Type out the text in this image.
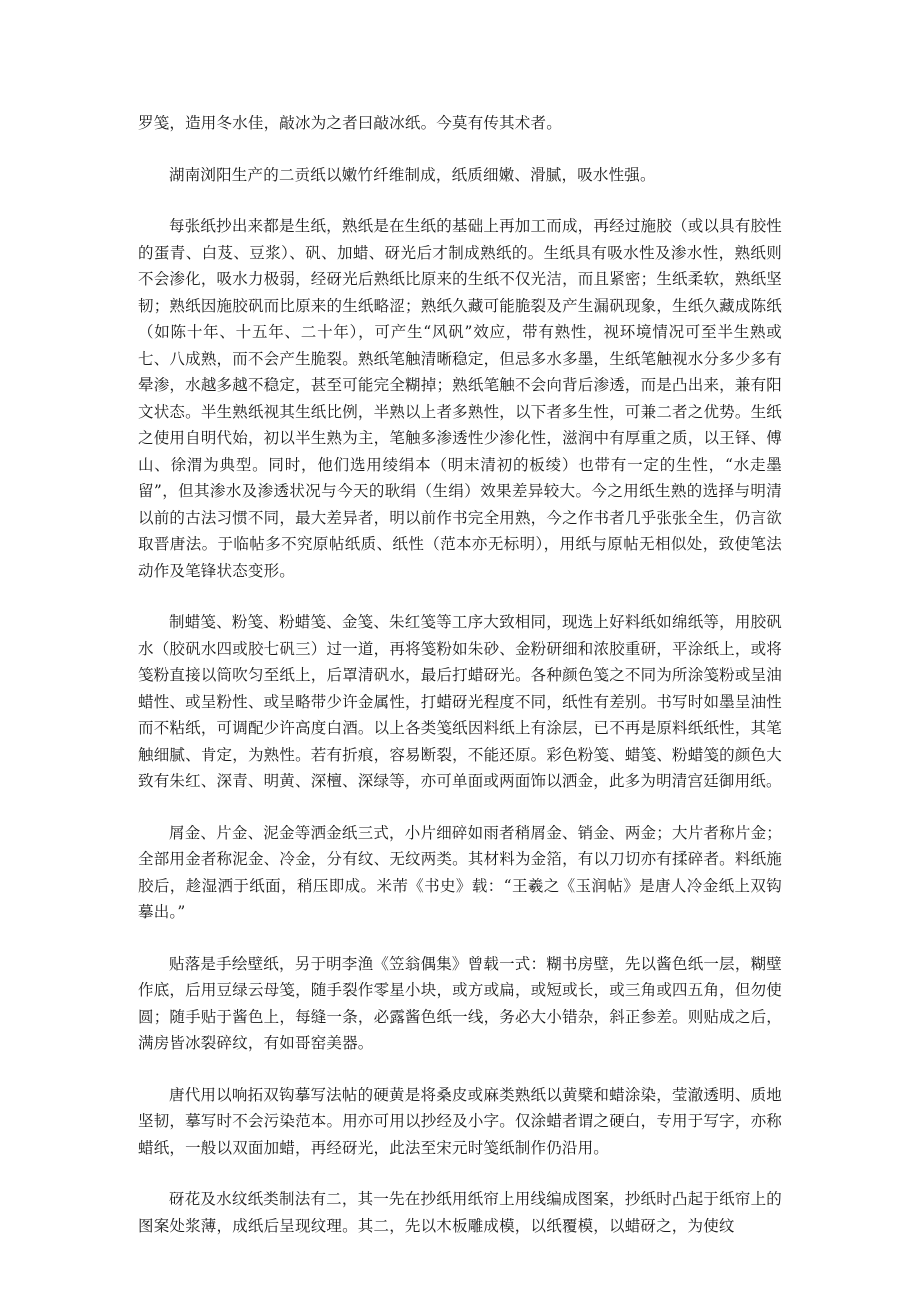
罗笺，造用冬水佳，敲冰为之者曰敲冰纸。今莫有传其术者。

湖南浏阳生产的二贡纸以嫩竹纤维制成，纸质细嫩、滑腻，吸水性强。

每张纸抄出来都是生纸，熟纸是在生纸的基础上再加工而成，再经过施胶（或以具有胶性的蛋青、白芨、豆浆）、矾、加蜡、砑光后才制成熟纸的。生纸具有吸水性及渗水性，熟纸则不会渗化，吸水力极弱，经砑光后熟纸比原来的生纸不仅光洁，而且紧密；生纸柔软，熟纸坚韧；熟纸因施胶矾而比原来的生纸略涩；熟纸久藏可能脆裂及产生漏矾现象，生纸久藏成陈纸（如陈十年、十五年、二十年），可产生“风矾”效应，带有熟性，视环境情况可至半生熟或七、八成熟，而不会产生脆裂。熟纸笔触清晰稳定，但忌多水多墨，生纸笔触视水分多少多有晕渗，水越多越不稳定，甚至可能完全糊掉；熟纸笔触不会向背后渗透，而是凸出来，兼有阳文状态。半生熟纸视其生纸比例，半熟以上者多熟性，以下者多生性，可兼二者之优势。生纸之使用自明代始，初以半生熟为主，笔触多渗透性少渗化性，滋润中有厚重之质，以王铎、傅山、徐渭为典型。同时，他们选用绫绢本（明末清初的板绫）也带有一定的生性，“水走墨留”，但其渗水及渗透状况与今天的耿绢（生绢）效果差异较大。今之用纸生熟的选择与明清以前的古法习惯不同，最大差异者，明以前作书完全用熟，今之作书者几乎张张全生，仍言欲取晋唐法。于临帖多不究原帖纸质、纸性（范本亦无标明），用纸与原帖无相似处，致使笔法动作及笔锋状态变形。

制蜡笺、粉笺、粉蜡笺、金笺、朱红笺等工序大致相同，现选上好料纸如绵纸等，用胶矾水（胶矾水四或胶七矾三）过一道，再将笺粉如朱砂、金粉研细和浓胶重研，平涂纸上，或将笺粉直接以筒吹匀至纸上，后罩清矾水，最后打蜡砑光。各种颜色笺之不同为所涂笺粉或呈油蜡性、或呈粉性、或呈略带少许金属性，打蜡砑光程度不同，纸性有差别。书写时如墨呈油性而不粘纸，可调配少许高度白酒。以上各类笺纸因料纸上有涂层，已不再是原料纸纸性，其笔触细腻、肯定，为熟性。若有折痕，容易断裂，不能还原。彩色粉笺、蜡笺、粉蜡笺的颜色大致有朱红、深青、明黄、深檀、深绿等，亦可单面或两面饰以洒金，此多为明清宫廷御用纸。

屑金、片金、泥金等洒金纸三式，小片细碎如雨者稍屑金、销金、两金；大片者称片金；全部用金者称泥金、冷金，分有纹、无纹两类。其材料为金箔，有以刀切亦有揉碎者。料纸施胶后，趁湿洒于纸面，稍压即成。米芾《书史》载：“王羲之《玉润帖》是唐人冷金纸上双钩摹出。”

贴落是手绘壁纸，另于明李渔《笠翁偶集》曾载一式：糊书房壁，先以酱色纸一层，糊壁作底，后用豆绿云母笺，随手裂作零星小块，或方或扁，或短或长，或三角或四五角，但勿使圆；随手贴于酱色上，每缝一条，必露酱色纸一线，务必大小错杂，斜正参差。则贴成之后，满房皆冰裂碎纹，有如哥窑美器。

唐代用以响拓双钩摹写法帖的硬黄是将桑皮或麻类熟纸以黄檗和蜡涂染，莹澈透明、质地坚韧，摹写时不会污染范本。用亦可用以抄经及小字。仅涂蜡者谓之硬白，专用于写字，亦称蜡纸，一般以双面加蜡，再经砑光，此法至宋元时笺纸制作仍沿用。

砑花及水纹纸类制法有二，其一先在抄纸用纸帘上用线编成图案，抄纸时凸起于纸帘上的图案处浆薄，成纸后呈现纹理。其二，先以木板雕成模，以纸覆模，以蜡砑之，为使纹
